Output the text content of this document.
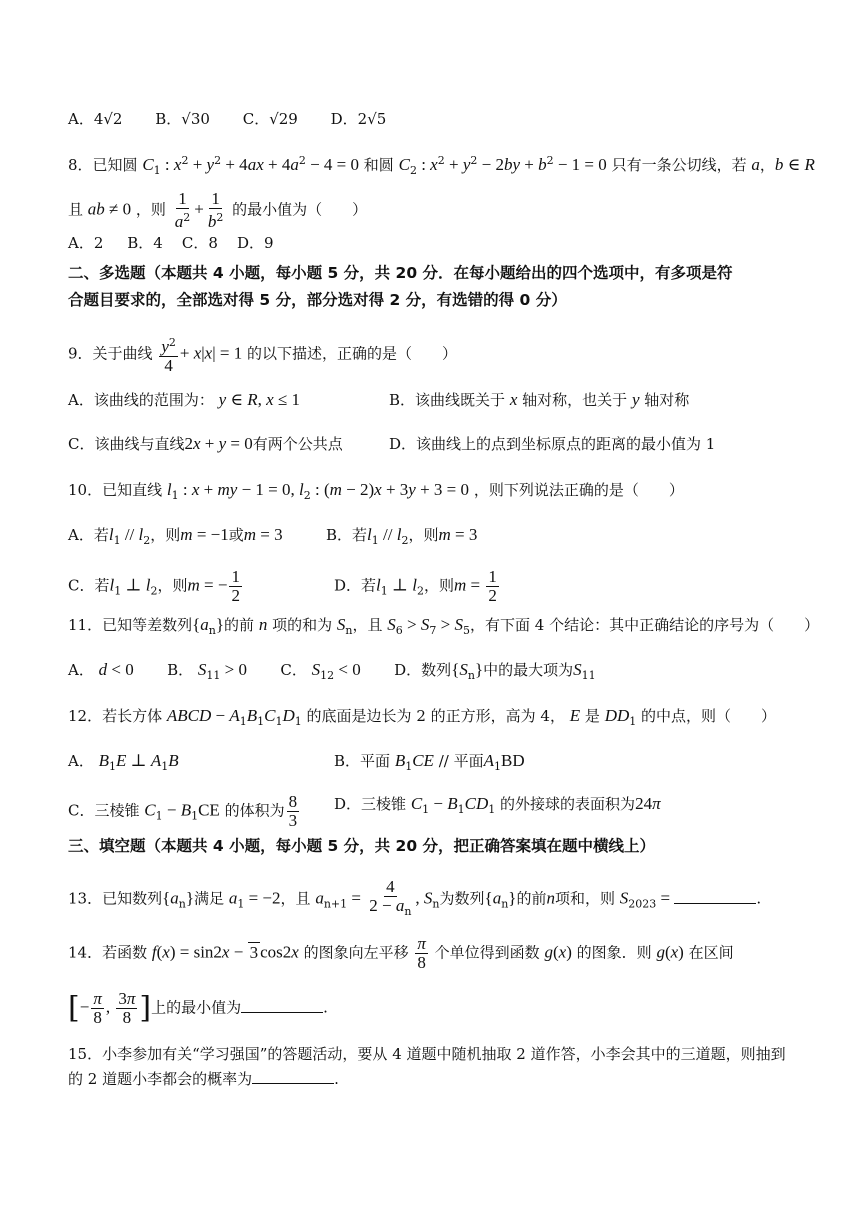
A．4√2 B．√30 C．√29 D．2√5
8．已知圆 $C_1$ : $x^2 + y^2 + 4ax + 4a^2 - 4 = 0$ 和圆 $C_2$ : $x^2 + y^2 - 2by + b^2 - 1 = 0$ 只有一条公切线，若 a，b ∈ R
且 ab ≠ 0 ，则 $\frac{1}{a^2} + \frac{1}{b^2}$ 的最小值为（　　）
A．2 B．4 C．8 D．9
二、多选题（本题共 4 小题，每小题 5 分，共 20 分．在每小题给出的四个选项中，有多项是符
合题目要求的，全部选对得 5 分，部分选对得 2 分，有选错的得 0 分）
9．关于曲线 $\frac{y^2}{4} + x|x| = 1$ 的以下描述，正确的是（　　）
A．该曲线的范围为： y ∈ R, x ≤ 1	B．该曲线既关于 x 轴对称，也关于 y 轴对称
C．该曲线与直线2x + y = 0有两个公共点	D．该曲线上的点到坐标原点的距离的最小值为 1
10．已知直线 $l_1$ : x + my − 1 = 0, $l_2$ : (m − 2)x + 3y + 3 = 0 ，则下列说法正确的是（　　）
A．若$l_1 // l_2$，则m = −1或m = 3	B．若$l_1 // l_2$，则m = 3
C．若$l_1$ ⊥ $l_2$，则m = − $\frac{1}{2}$	D．若$l_1$ ⊥ $l_2$，则$m = \frac{1}{2}$
11．已知等差数列$\{a_n\}$的前 n 项的和为 $S_n$，且 $S_6 > S_7 > S_5$，有下面 4 个结论：其中正确结论的序号为（　　）
A． d < 0 B． $S_{11} > 0$ C． $S_{12} < 0$ D．数列$\{S_n\}$中的最大项为$S_{11}$
12．若长方体 ABCD − $A_1B_1C_1D_1$ 的底面是边长为 2 的正方形，高为 4， E 是 $DD_1$ 的中点，则（　　）
A． $B_1E$ ⊥ $A_1B$	B．平面 $B_1CE$ // 平面$A_1BD$
C．三棱锥 $C_1 - B_1CE$ 的体积为 $\frac{8}{3}$ D．三棱锥 $C_1 - B_1CD_1$ 的外接球的表面积为24π
三、填空题（本题共 4 小题，每小题 5 分，共 20 分，把正确答案填在题中横线上）
13．已知数列$\{a_n\}$满足 $a_1 = -2$，且 $a_{n+1} = \frac{4}{2 - a_n}$ , $S_n$为数列$\{a_n\}$的前n项和，则 $S_{2023}$ =	.
14．若函数 f(x) = sin2x − 3 cos2x 的图象向左平移 $\frac{\pi}{8}$ 个单位得到函数 g(x) 的图象．则 g(x) 在区间
[− $\frac{\pi}{8}$ , $\frac{3\pi}{8}$ ]上的最小值为	.
15．小李参加有关“学习强国”的答题活动，要从 4 道题中随机抽取 2 道作答，小李会其中的三道题，则抽到
的 2 道题小李都会的概率为	.
